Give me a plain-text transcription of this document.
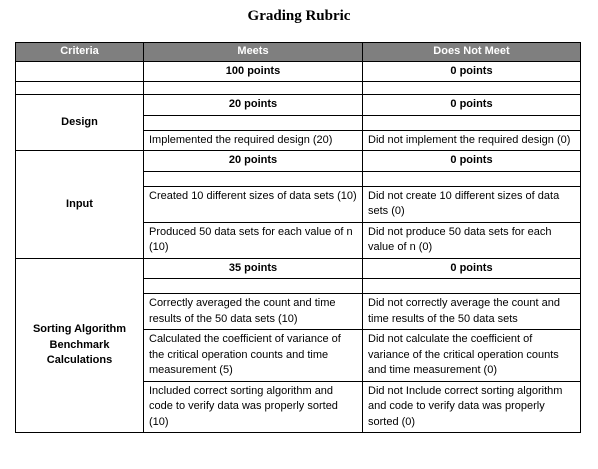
Grading Rubric
Criteria	Meets	Does Not Meet
	100 points	0 points

Design	20 points	0 points

	Implemented the required design (20)	Did not implement the required design (0)
Input	20 points	0 points

	Created 10 different sizes of data sets (10)	Did not create 10 different sizes of data sets (0)
	Produced 50 data sets for each value of n (10)	Did not produce 50 data sets for each value of n (0)
Sorting Algorithm Benchmark Calculations	35 points	0 points

	Correctly averaged the count and time results of the 50 data sets (10)	Did not correctly average the count and time results of the 50 data sets
	Calculated the coefficient of variance of the critical operation counts and time measurement (5)	Did not calculate the coefficient of variance of the critical operation counts and time measurement (0)
	Included correct sorting algorithm and code to verify data was properly sorted (10)	Did not Include correct sorting algorithm and code to verify data was properly sorted (0)
